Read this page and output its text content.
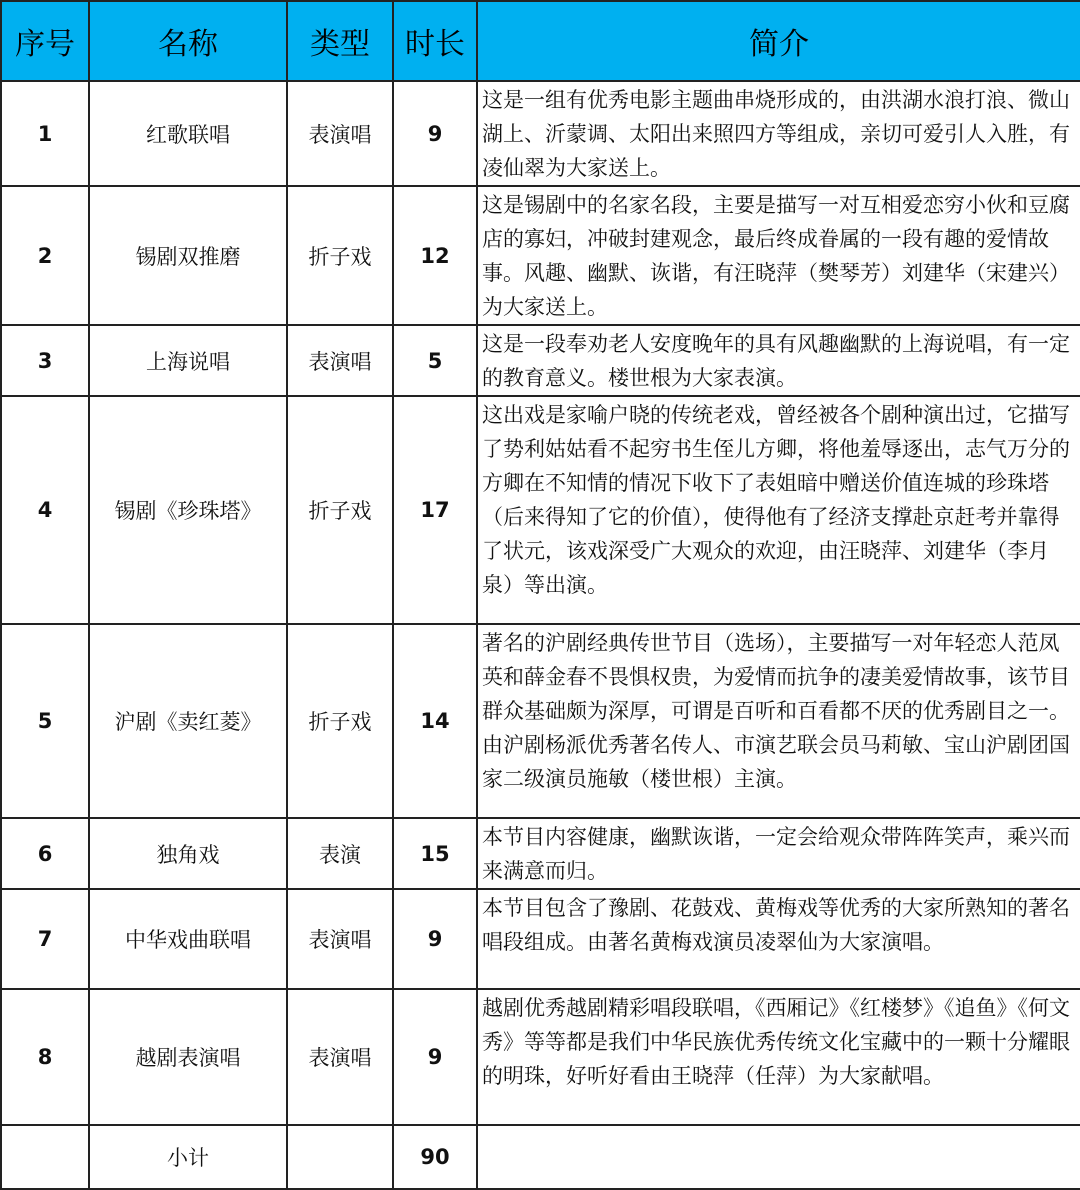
序号	名称	类型	时长	简介
1	红歌联唱	表演唱	9	这是一组有优秀电影主题曲串烧形成的，由洪湖水浪打浪、微山湖上、沂蒙调、太阳出来照四方等组成，亲切可爱引人入胜，有凌仙翠为大家送上。
2	锡剧双推磨	折子戏	12	这是锡剧中的名家名段，主要是描写一对互相爱恋穷小伙和豆腐店的寡妇，冲破封建观念，最后终成眷属的一段有趣的爱情故事。风趣、幽默、诙谐，有汪晓萍（樊琴芳）刘建华（宋建兴）为大家送上。
3	上海说唱	表演唱	5	这是一段奉劝老人安度晚年的具有风趣幽默的上海说唱，有一定的教育意义。楼世根为大家表演。
4	锡剧《珍珠塔》	折子戏	17	这出戏是家喻户晓的传统老戏，曾经被各个剧种演出过，它描写了势利姑姑看不起穷书生侄儿方卿，将他羞辱逐出，志气万分的方卿在不知情的情况下收下了表姐暗中赠送价值连城的珍珠塔（后来得知了它的价值），使得他有了经济支撑赴京赶考并靠得了状元，该戏深受广大观众的欢迎，由汪晓萍、刘建华（李月泉）等出演。
5	沪剧《卖红菱》	折子戏	14	著名的沪剧经典传世节目（选场），主要描写一对年轻恋人范凤英和薛金春不畏惧权贵，为爱情而抗争的凄美爱情故事，该节目群众基础颇为深厚，可谓是百听和百看都不厌的优秀剧目之一。由沪剧杨派优秀著名传人、市演艺联会员马莉敏、宝山沪剧团国家二级演员施敏（楼世根）主演。
6	独角戏	表演	15	本节目内容健康，幽默诙谐，一定会给观众带阵阵笑声，乘兴而来满意而归。
7	中华戏曲联唱	表演唱	9	本节目包含了豫剧、花鼓戏、黄梅戏等优秀的大家所熟知的著名唱段组成。由著名黄梅戏演员凌翠仙为大家演唱。
8	越剧表演唱	表演唱	9	越剧优秀越剧精彩唱段联唱，《西厢记》《红楼梦》《追鱼》《何文秀》等等都是我们中华民族优秀传统文化宝藏中的一颗十分耀眼的明珠，好听好看由王晓萍（任萍）为大家献唱。
	小计		90	
